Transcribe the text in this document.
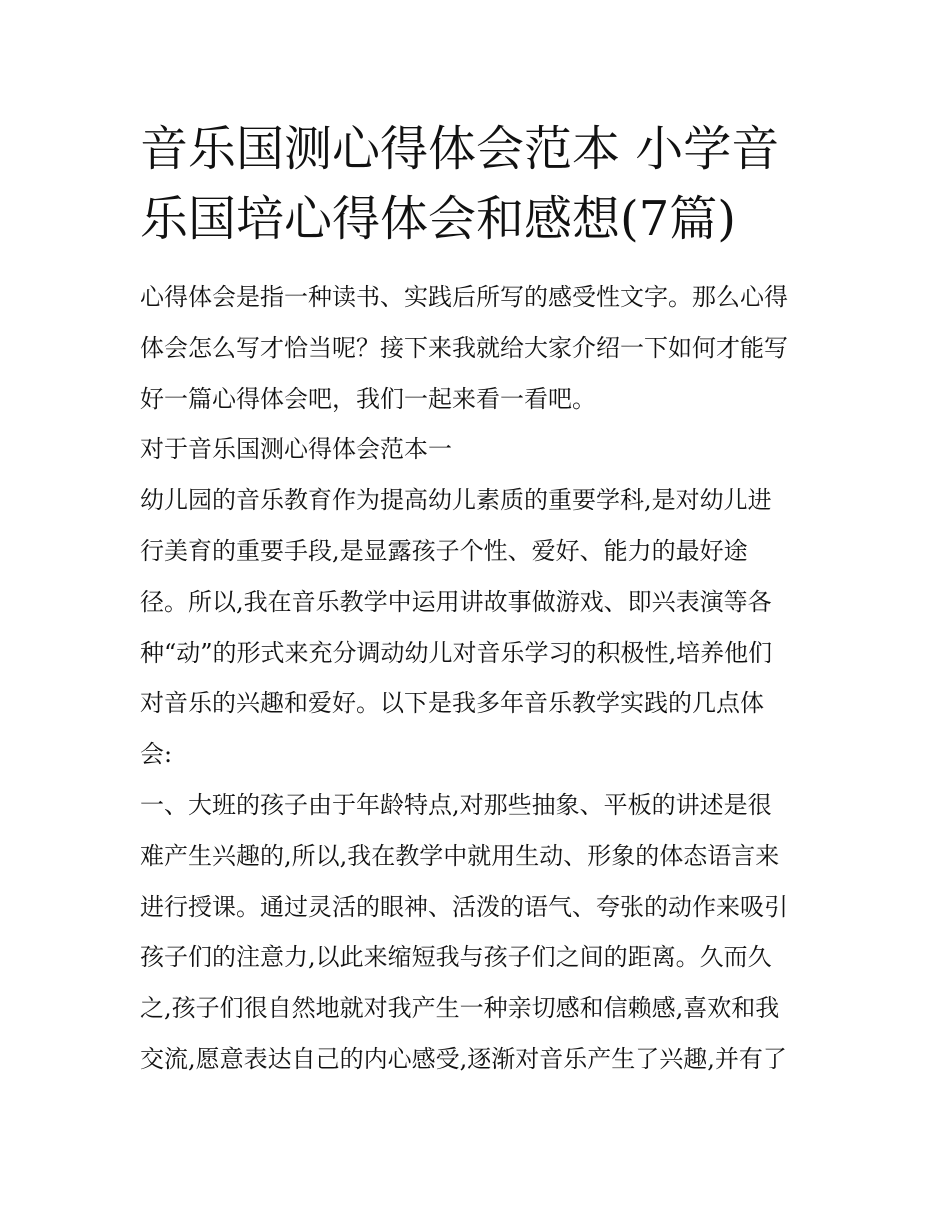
音乐国测心得体会范本 小学音
乐国培心得体会和感想(7篇)
心得体会是指一种读书、实践后所写的感受性文字。那么心得
体会怎么写才恰当呢？接下来我就给大家介绍一下如何才能写
好一篇心得体会吧，我们一起来看一看吧。
对于音乐国测心得体会范本一
幼儿园的音乐教育作为提高幼儿素质的重要学科,是对幼儿进
行美育的重要手段,是显露孩子个性、爱好、能力的最好途
径。所以,我在音乐教学中运用讲故事做游戏、即兴表演等各
种“动”的形式来充分调动幼儿对音乐学习的积极性,培养他们
对音乐的兴趣和爱好。以下是我多年音乐教学实践的几点体
会:
一、大班的孩子由于年龄特点,对那些抽象、平板的讲述是很
难产生兴趣的,所以,我在教学中就用生动、形象的体态语言来
进行授课。通过灵活的眼神、活泼的语气、夸张的动作来吸引
孩子们的注意力,以此来缩短我与孩子们之间的距离。久而久
之,孩子们很自然地就对我产生一种亲切感和信赖感,喜欢和我
交流,愿意表达自己的内心感受,逐渐对音乐产生了兴趣,并有了
